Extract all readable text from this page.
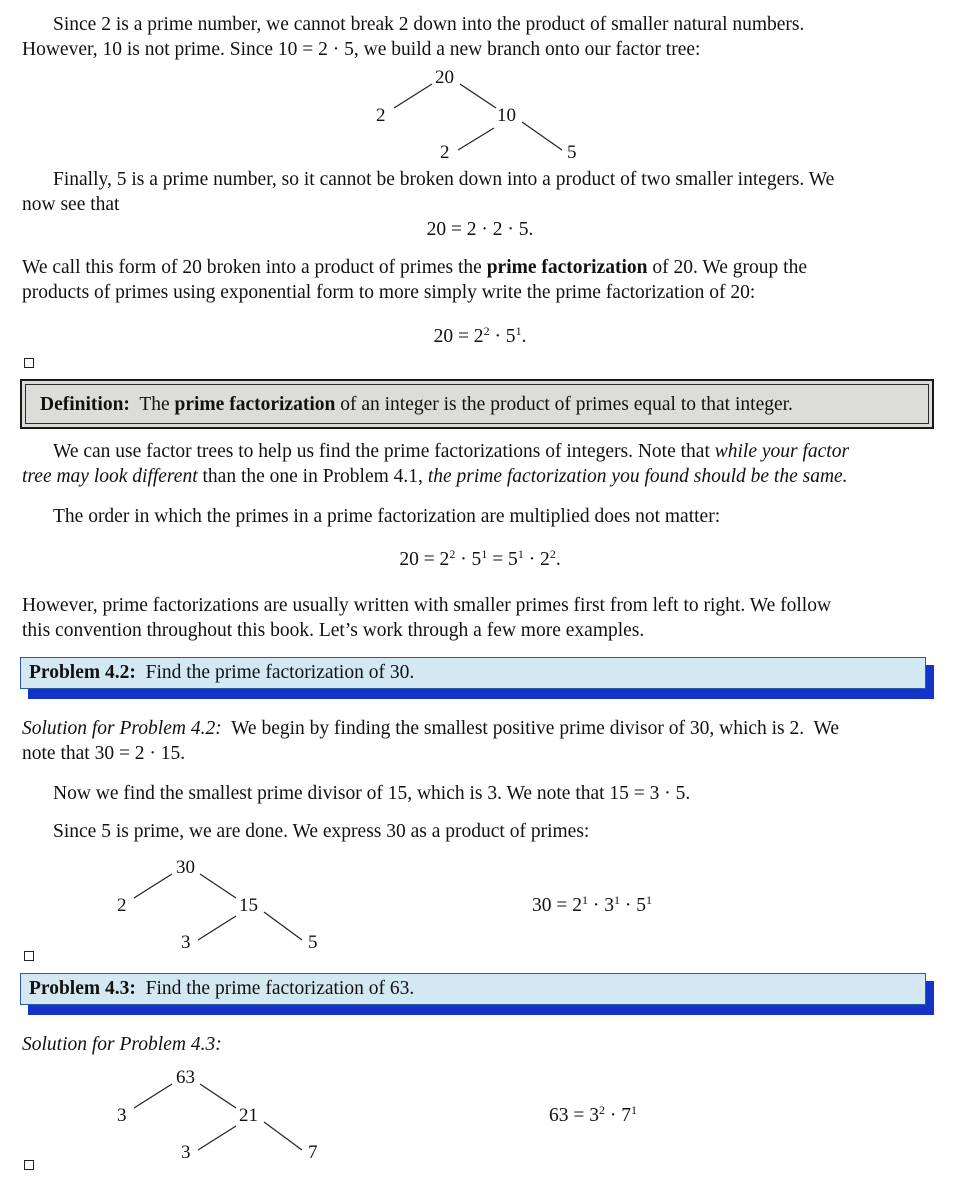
Since 2 is a prime number, we cannot break 2 down into the product of smaller natural numbers.
However, 10 is not prime. Since 10 = 2 · 5, we build a new branch onto our factor tree:
20
2	10
2	5
Finally, 5 is a prime number, so it cannot be broken down into a product of two smaller integers. We
now see that
20 = 2 · 2 · 5.
We call this form of 20 broken into a product of primes the prime factorization of 20. We group the
products of primes using exponential form to more simply write the prime factorization of 20:
$20 = 2^2 \cdot 5^1$.
Definition:  The prime factorization of an integer is the product of primes equal to that integer.
We can use factor trees to help us find the prime factorizations of integers. Note that while your factor
tree may look different than the one in Problem 4.1, the prime factorization you found should be the same.
The order in which the primes in a prime factorization are multiplied does not matter:
$20 = 2^2 \cdot 5^1 = 5^1 \cdot 2^2$.
However, prime factorizations are usually written with smaller primes first from left to right. We follow
this convention throughout this book. Let’s work through a few more examples.
Problem 4.2:  Find the prime factorization of 30.
Solution for Problem 4.2:  We begin by finding the smallest positive prime divisor of 30, which is 2.  We
note that 30 = 2 · 15.
Now we find the smallest prime divisor of 15, which is 3. We note that 15 = 3 · 5.
Since 5 is prime, we are done. We express 30 as a product of primes:
30
2	15
3	5
$30 = 2^1 \cdot 3^1 \cdot 5^1$
Problem 4.3:  Find the prime factorization of 63.
Solution for Problem 4.3:
63
3	21
3	7
$63 = 3^2 \cdot 7^1$
